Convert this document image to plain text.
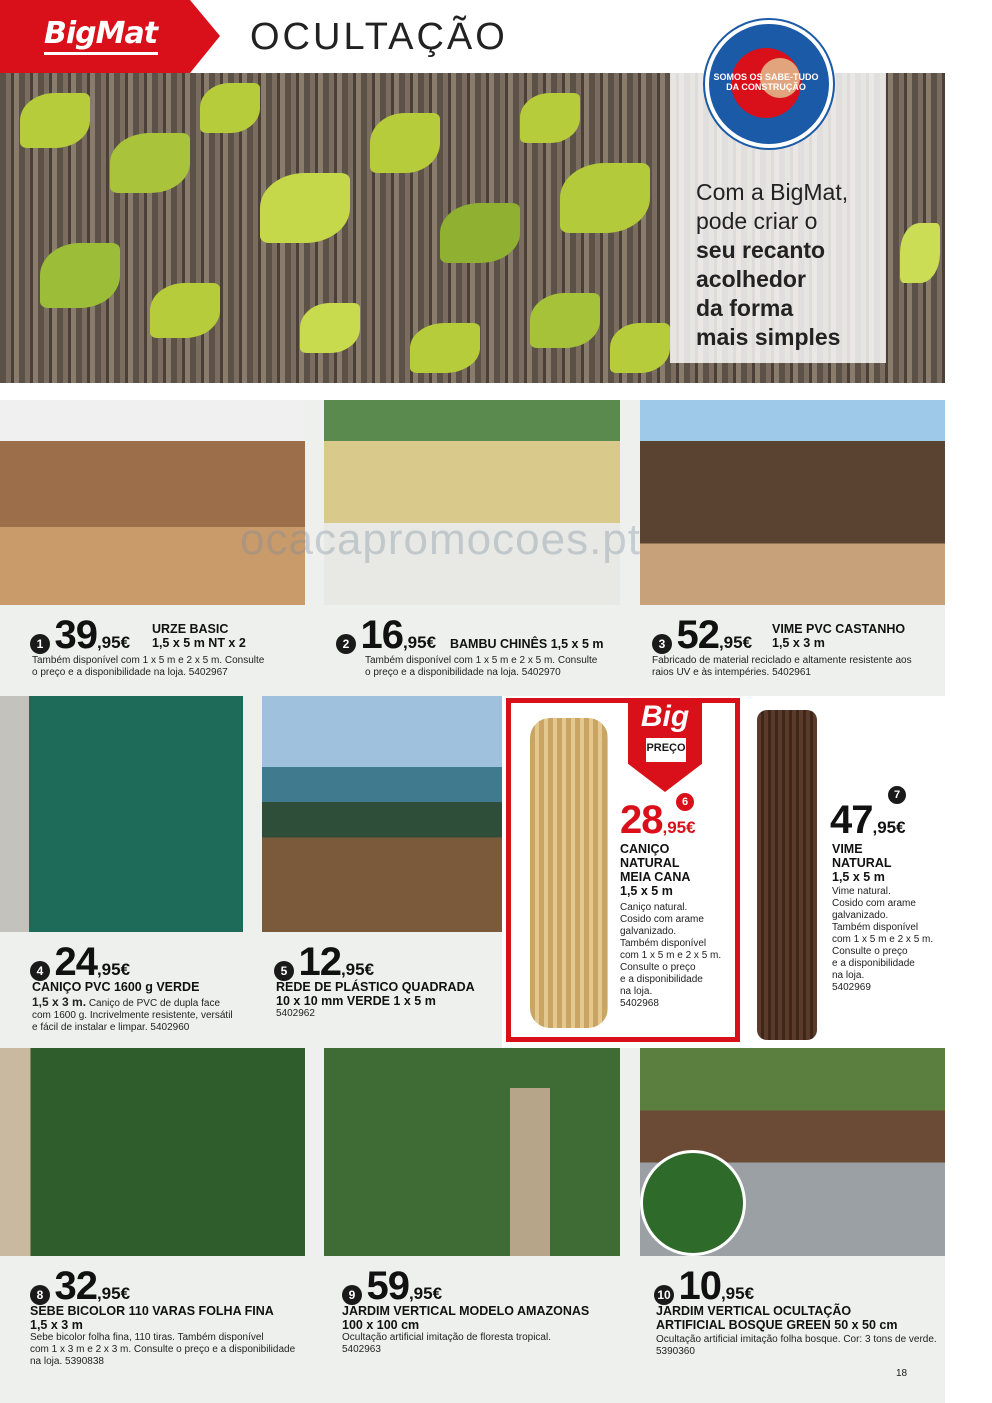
BigMat OCULTAÇÃO
SOMOS OS SABE-TUDO DA CONSTRUÇÃO
Com a BigMat,
pode criar o
seu recanto
acolhedor
da forma
mais simples
1 39,95€
URZE BASIC
1,5 x 5 m NT x 2
Também disponível com 1 x 5 m e 2 x 5 m. Consulte
o preço e a disponibilidade na loja. 5402967
2 16,95€ BAMBU CHINÊS 1,5 x 5 m
Também disponível com 1 x 5 m e 2 x 5 m. Consulte
o preço e a disponibilidade na loja. 5402970
3 52,95€
VIME PVC CASTANHO
1,5 x 3 m
Fabricado de material reciclado e altamente resistente aos
raios UV e às intempéries. 5402961
ocacapromocoes.pt
4 24,95€
CANIÇO PVC 1600 g VERDE
1,5 x 3 m. Caniço de PVC de dupla face
com 1600 g. Incrivelmente resistente, versátil
e fácil de instalar e limpar. 5402960
5 12,95€
REDE DE PLÁSTICO QUADRADA
10 x 10 mm VERDE 1 x 5 m
5402962
Big
PREÇO
28,95€
6
CANIÇO
NATURAL
MEIA CANA
1,5 x 5 m
Caniço natural.
Cosido com arame
galvanizado.
Também disponível
com 1 x 5 m e 2 x 5 m.
Consulte o preço
e a disponibilidade
na loja.
5402968
7
47,95€
VIME
NATURAL
1,5 x 5 m
Vime natural.
Cosido com arame
galvanizado.
Também disponível
com 1 x 5 m e 2 x 5 m.
Consulte o preço
e a disponibilidade
na loja.
5402969
8 32,95€
SEBE BICOLOR 110 VARAS FOLHA FINA
1,5 x 3 m
Sebe bicolor folha fina, 110 tiras. Também disponível
com 1 x 3 m e 2 x 3 m. Consulte o preço e a disponibilidade
na loja. 5390838
9 59,95€
JARDIM VERTICAL MODELO AMAZONAS
100 x 100 cm
Ocultação artificial imitação de floresta tropical.
5402963
10 10,95€
JARDIM VERTICAL OCULTAÇÃO
ARTIFICIAL BOSQUE GREEN 50 x 50 cm
Ocultação artificial imitação folha bosque. Cor: 3 tons de verde.
5390360
18
